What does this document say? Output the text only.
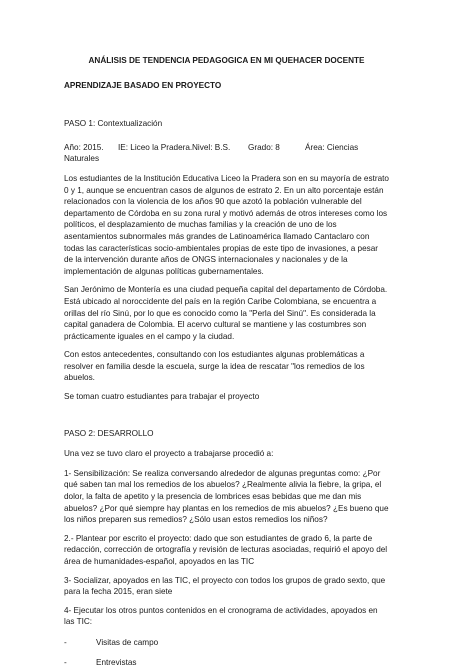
ANÁLISIS DE TENDENCIA PEDAGOGICA EN MI QUEHACER DOCENTE
APRENDIZAJE BASADO EN PROYECTO
PASO 1: Contextualización
Año: 2015.	IE: Liceo la Pradera. Nivel: B.S.	Grado: 8	Área: Ciencias
Naturales

Los estudiantes de la Institución Educativa Liceo la Pradera son en su mayoría de estrato 0 y 1, aunque se encuentran casos de algunos de estrato 2. En un alto porcentaje están relacionados con la violencia de los años 90 que azotó la población vulnerable del departamento de Córdoba en su zona rural y motivó además de otros intereses como los políticos, el desplazamiento de muchas familias y la creación de uno de los asentamientos subnormales más grandes de Latinoamérica llamado Cantaclaro con todas las características socio-ambientales propias de este tipo de invasiones, a pesar de la intervención durante años de ONGS internacionales y nacionales y de la implementación de algunas políticas gubernamentales.

San Jerónimo de Montería es una ciudad pequeña capital del departamento de Córdoba. Está ubicado al noroccidente del país en la región Caribe Colombiana, se encuentra a orillas del río Sinú, por lo que es conocido como la "Perla del Sinú". Es considerada la capital ganadera de Colombia. El acervo cultural se mantiene y las costumbres son prácticamente iguales en el campo y la ciudad.

Con estos antecedentes, consultando con los estudiantes algunas problemáticas a resolver en familia desde la escuela, surge la idea de rescatar "los remedios de los abuelos.

Se toman cuatro estudiantes para trabajar el proyecto

PASO 2: DESARROLLO

Una vez se tuvo claro el proyecto a trabajarse procedió a:

1- Sensibilización: Se realiza conversando alrededor de algunas preguntas como: ¿Por qué saben tan mal los remedios de los abuelos? ¿Realmente alivia la fiebre, la gripa, el dolor, la falta de apetito y la presencia de lombrices esas bebidas que me dan mis abuelos? ¿Por qué siempre hay plantas en los remedios de mis abuelos? ¿Es bueno que los niños preparen sus remedios? ¿Sólo usan estos remedios los niños?

2.- Plantear por escrito el proyecto: dado que son estudiantes de grado 6, la parte de redacción, corrección de ortografía y revisión de lecturas asociadas, requirió el apoyo del área de humanidades-español, apoyados en las TIC

3- Socializar, apoyados en las TIC, el proyecto con todos los grupos de grado sexto, que para la fecha 2015, eran siete

4- Ejecutar los otros puntos contenidos en el cronograma de actividades, apoyados en las TIC:

-	Visitas de campo
-	Entrevistas
